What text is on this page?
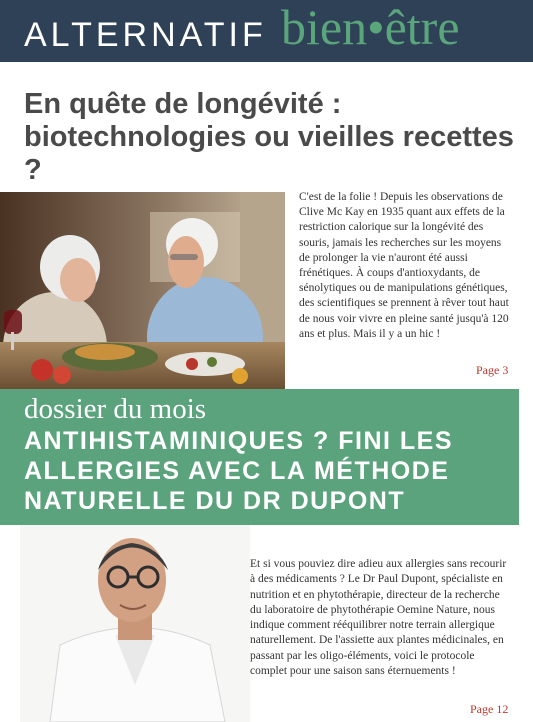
ALTERNATIF bien•être
En quête de longévité : biotechnologies ou vieilles recettes ?

C'est de la folie ! Depuis les observations de Clive Mc Kay en 1935 quant aux effets de la restriction calorique sur la longévité des souris, jamais les recherches sur les moyens de prolonger la vie n'auront été aussi frénétiques. À coups d'antioxydants, de sénolytiques ou de manipulations génétiques, des scientifiques se prennent à rêver tout haut de nous voir vivre en pleine santé jusqu'à 120 ans et plus. Mais il y a un hic !

Page 3
dossier du mois
ANTIHISTAMINIQUES ? FINI LES ALLERGIES AVEC LA MÉTHODE NATURELLE DU DR DUPONT

Et si vous pouviez dire adieu aux allergies sans recourir à des médicaments ? Le Dr Paul Dupont, spécialiste en nutrition et en phytothérapie, directeur de la recherche du laboratoire de phytothérapie Oemine Nature, nous indique comment rééquilibrer notre terrain allergique naturellement. De l'assiette aux plantes médicinales, en passant par les oligo-éléments, voici le protocole complet pour une saison sans éternuements !

Page 12
